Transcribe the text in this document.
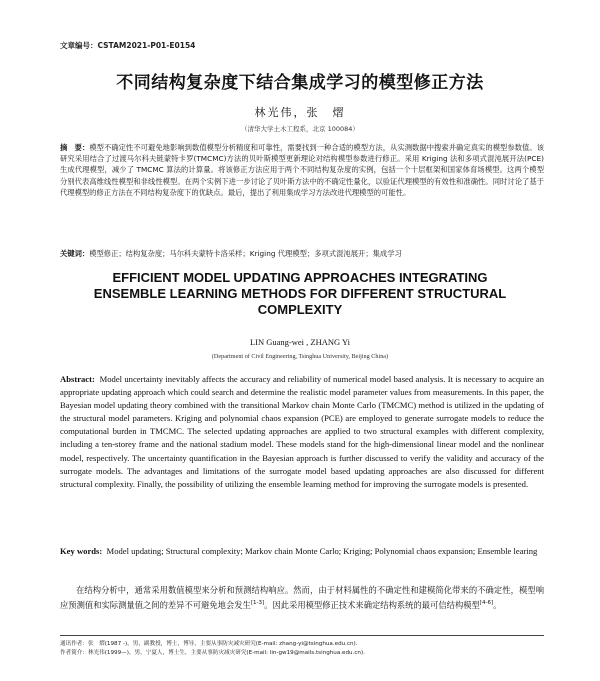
文章编号：CSTAM2021-P01-E0154
不同结构复杂度下结合集成学习的模型修正方法
林光伟，张　熠
（清华大学土木工程系，北京 100084）
摘　要：模型不确定性不可避免地影响到数值模型分析精度和可靠性，需要找到一种合适的模型方法，从实测数据中搜索并确定真实的模型参数值。该研究采用结合了过渡马尔科夫链蒙特卡罗(TMCMC)方法的贝叶斯模型更新理论对结构模型参数进行修正。采用 Kriging 法和多项式混沌展开法(PCE)生成代理模型，减少了 TMCMC 算法的计算量。将该修正方法应用于两个不同结构复杂度的实例，包括一个十层框架和国家体育场模型。这两个模型分别代表高维线性模型和非线性模型。在两个实例下进一步讨论了贝叶斯方法中的不确定性量化，以验证代理模型的有效性和准确性。同时讨论了基于代理模型的修正方法在不同结构复杂度下的优缺点。最后，提出了利用集成学习方法改进代理模型的可能性。
关键词：模型修正；结构复杂度；马尔科夫蒙特卡洛采样；Kriging 代理模型；多项式混沌展开；集成学习
EFFICIENT MODEL UPDATING APPROACHES INTEGRATING
ENSEMBLE LEARNING METHODS FOR DIFFERENT STRUCTURAL
COMPLEXITY
LIN Guang-wei , ZHANG Yi
(Department of Civil Engineering, Tsinghua University, Beijing China)
Abstract: Model uncertainty inevitably affects the accuracy and reliability of numerical model based analysis. It is necessary to acquire an appropriate updating approach which could search and determine the realistic model parameter values from measurements. In this paper, the Bayesian model updating theory combined with the transitional Markov chain Monte Carlo (TMCMC) method is utilized in the updating of the structural model parameters. Kriging and polynomial chaos expansion (PCE) are employed to generate surrogate models to reduce the computational burden in TMCMC. The selected updating approaches are applied to two structural examples with different complexity, including a ten-storey frame and the national stadium model. These models stand for the high-dimensional linear model and the nonlinear model, respectively. The uncertainty quantification in the Bayesian approach is further discussed to verify the validity and accuracy of the surrogate models. The advantages and limitations of the surrogate model based updating approaches are also discussed for different structural complexity. Finally, the possibility of utilizing the ensemble learning method for improving the surrogate models is presented.
Key words: Model updating; Structural complexity; Markov chain Monte Carlo; Kriging; Polynomial chaos expansion; Ensemble learing
在结构分析中，通常采用数值模型来分析和预测结构响应。然而，由于材料属性的不确定性和建模简化带来的不确定性，模型响应预测值和实际测量值之间的差异不可避免地会发生[1-3]。因此采用模型修正技术来确定结构系统的最可信结构模型[4-6]。
通讯作者：张　熠(1987 -)，男，副教授，博士，博导，主要从事防灾减灾研究(E-mail: zhang-yi@tsinghua.edu.cn).
作者简介：林光伟(1999—)，男，宁夏人，博士生，主要从事防灾减灾研究(E-mail: lin-gw19@mails.tsinghua.edu.cn).
